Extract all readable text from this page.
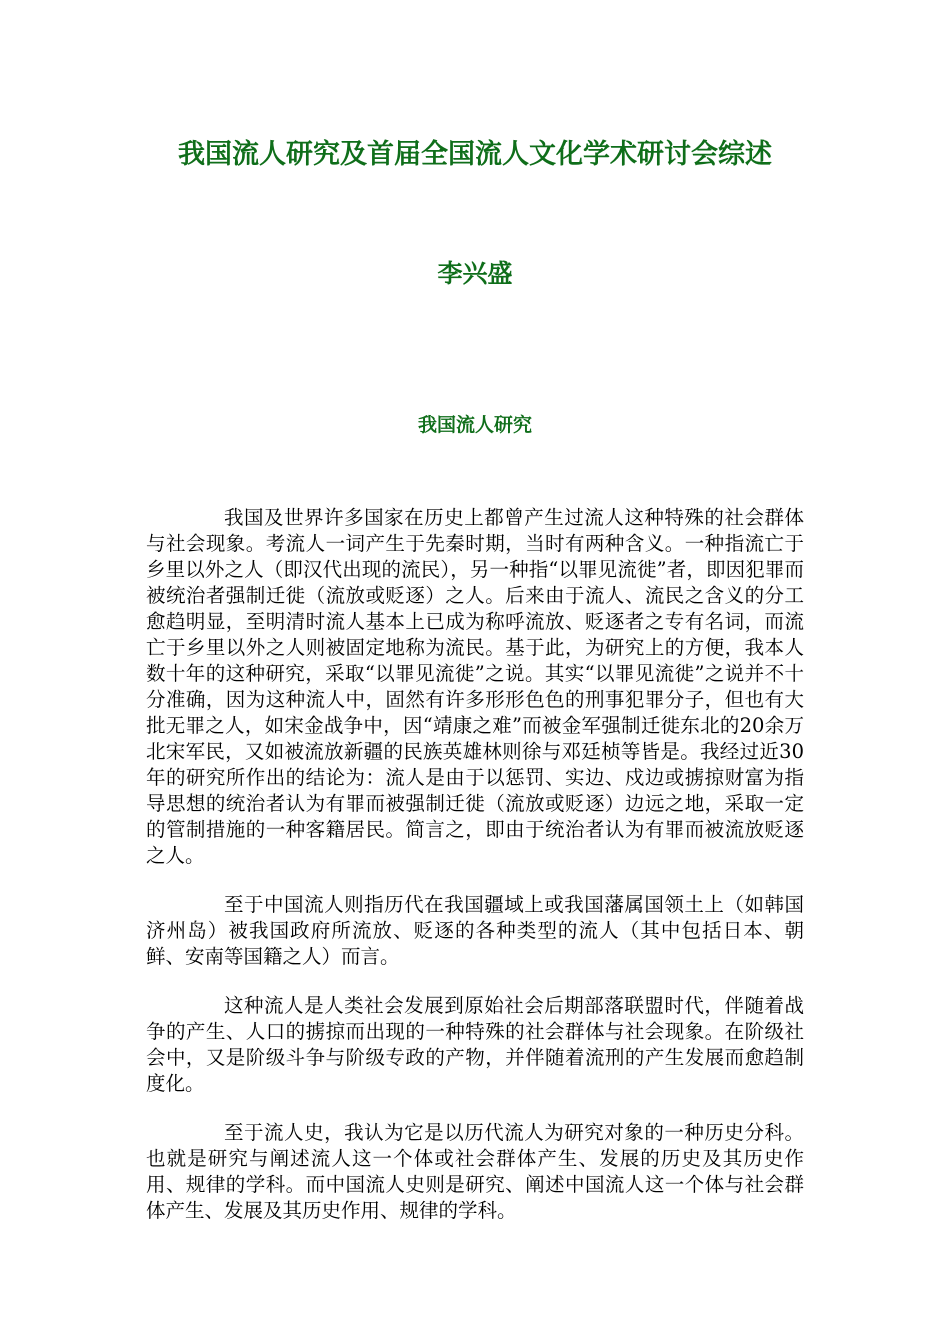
我国流人研究及首届全国流人文化学术研讨会综述
李兴盛
我国流人研究

我国及世界许多国家在历史上都曾产生过流人这种特殊的社会群体与社会现象。考流人一词产生于先秦时期，当时有两种含义。一种指流亡于乡里以外之人（即汉代出现的流民），另一种指“以罪见流徙”者，即因犯罪而被统治者强制迁徙（流放或贬逐）之人。后来由于流人、流民之含义的分工愈趋明显，至明清时流人基本上已成为称呼流放、贬逐者之专有名词，而流亡于乡里以外之人则被固定地称为流民。基于此，为研究上的方便，我本人数十年的这种研究，采取“以罪见流徙”之说。其实“以罪见流徙”之说并不十分准确，因为这种流人中，固然有许多形形色色的刑事犯罪分子，但也有大批无罪之人，如宋金战争中，因“靖康之难”而被金军强制迁徙东北的20余万北宋军民，又如被流放新疆的民族英雄林则徐与邓廷桢等皆是。我经过近30年的研究所作出的结论为：流人是由于以惩罚、实边、戍边或掳掠财富为指导思想的统治者认为有罪而被强制迁徙（流放或贬逐）边远之地，采取一定的管制措施的一种客籍居民。简言之，即由于统治者认为有罪而被流放贬逐之人。

至于中国流人则指历代在我国疆域上或我国藩属国领土上（如韩国济州岛）被我国政府所流放、贬逐的各种类型的流人（其中包括日本、朝鲜、安南等国籍之人）而言。

这种流人是人类社会发展到原始社会后期部落联盟时代，伴随着战争的产生、人口的掳掠而出现的一种特殊的社会群体与社会现象。在阶级社会中，又是阶级斗争与阶级专政的产物，并伴随着流刑的产生发展而愈趋制度化。

至于流人史，我认为它是以历代流人为研究对象的一种历史分科。也就是研究与阐述流人这一个体或社会群体产生、发展的历史及其历史作用、规律的学科。而中国流人史则是研究、阐述中国流人这一个体与社会群体产生、发展及其历史作用、规律的学科。
